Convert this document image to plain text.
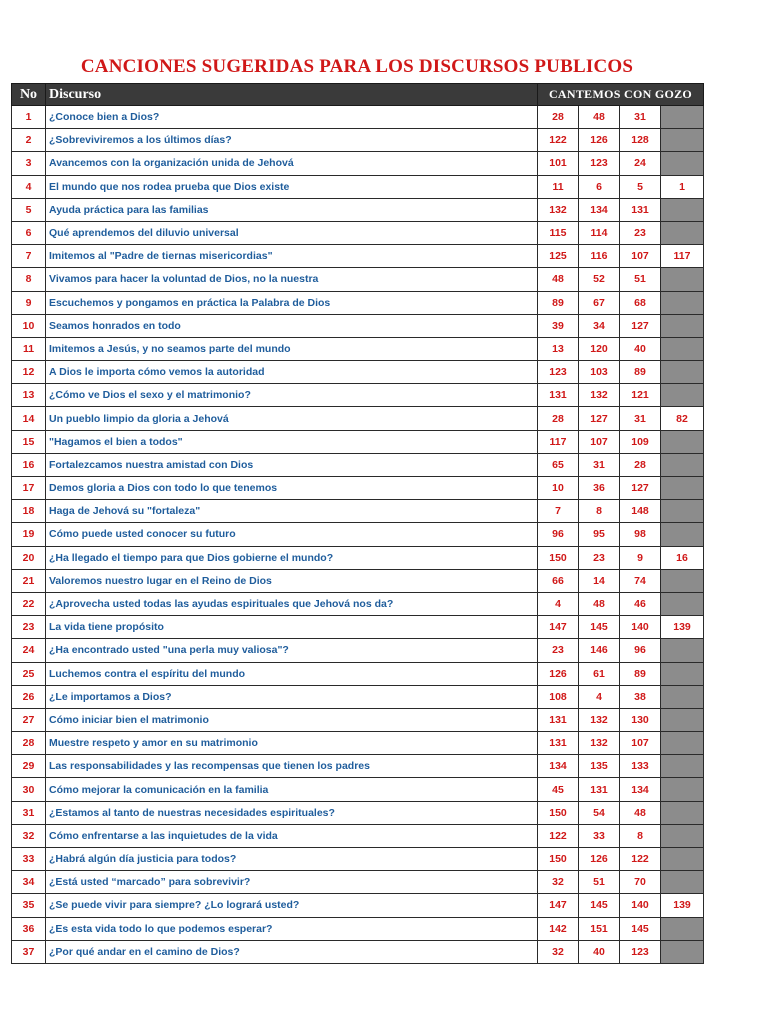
CANCIONES SUGERIDAS PARA LOS DISCURSOS PUBLICOS
No	Discurso	CANTEMOS CON GOZO			
1	¿Conoce bien a Dios?	28	48	31	
2	¿Sobreviviremos a los últimos días?	122	126	128	
3	Avancemos con la organización unida de Jehová	101	123	24	
4	El mundo que nos rodea prueba que Dios existe	11	6	5	1
5	Ayuda práctica para las familias	132	134	131	
6	Qué aprendemos del diluvio universal	115	114	23	
7	Imitemos al "Padre de tiernas misericordias"	125	116	107	117
8	Vivamos para hacer la voluntad de Dios, no la nuestra	48	52	51	
9	Escuchemos y pongamos en práctica la Palabra de Dios	89	67	68	
10	Seamos honrados en todo	39	34	127	
11	Imitemos a Jesús, y no seamos parte del mundo	13	120	40	
12	A Dios le importa cómo vemos la autoridad	123	103	89	
13	¿Cómo ve Dios el sexo y el matrimonio?	131	132	121	
14	Un pueblo limpio da gloria a Jehová	28	127	31	82
15	"Hagamos el bien a todos"	117	107	109	
16	Fortalezcamos nuestra amistad con Dios	65	31	28	
17	Demos gloria a Dios con todo lo que tenemos	10	36	127	
18	Haga de Jehová su "fortaleza"	7	8	148	
19	Cómo puede usted conocer su futuro	96	95	98	
20	¿Ha llegado el tiempo para que Dios gobierne el mundo?	150	23	9	16
21	Valoremos nuestro lugar en el Reino de Dios	66	14	74	
22	¿Aprovecha usted todas las ayudas espirituales que Jehová nos da?	4	48	46	
23	La vida tiene propósito	147	145	140	139
24	¿Ha encontrado usted "una perla muy valiosa"?	23	146	96	
25	Luchemos contra el espíritu del mundo	126	61	89	
26	¿Le importamos a Dios?	108	4	38	
27	Cómo iniciar bien el matrimonio	131	132	130	
28	Muestre respeto y amor en su matrimonio	131	132	107	
29	Las responsabilidades y las recompensas que tienen los padres	134	135	133	
30	Cómo mejorar la comunicación en la familia	45	131	134	
31	¿Estamos al tanto de nuestras necesidades espirituales?	150	54	48	
32	Cómo enfrentarse a las inquietudes de la vida	122	33	8	
33	¿Habrá algún día justicia para todos?	150	126	122	
34	¿Está usted “marcado” para sobrevivir?	32	51	70	
35	¿Se puede vivir para siempre? ¿Lo logrará usted?	147	145	140	139
36	¿Es esta vida todo lo que podemos esperar?	142	151	145	
37	¿Por qué andar en el camino de Dios?	32	40	123	
